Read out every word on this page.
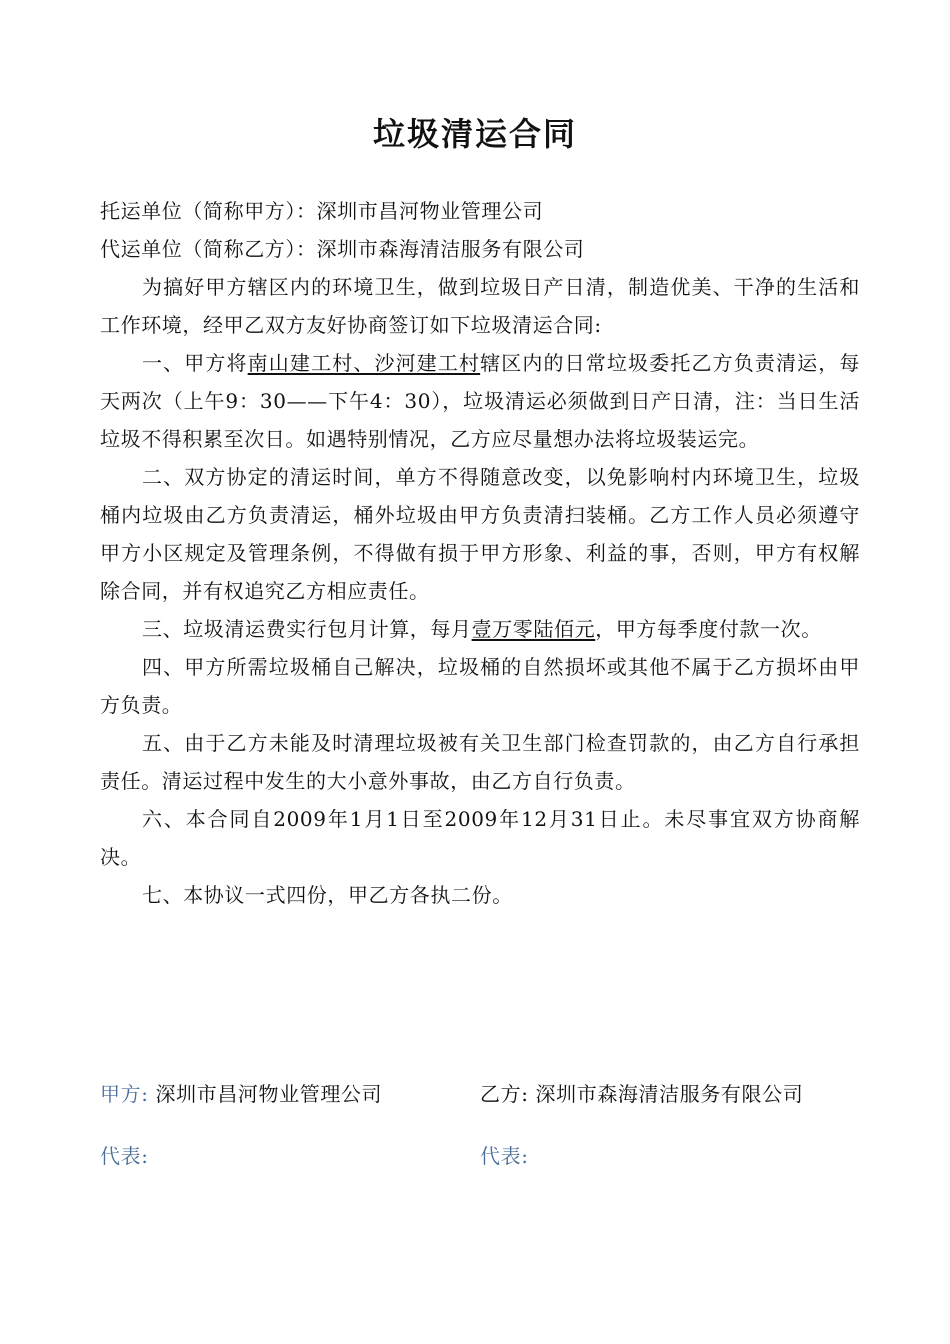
垃圾清运合同

托运单位（简称甲方）：深圳市昌河物业管理公司

代运单位（简称乙方）：深圳市森海清洁服务有限公司

为搞好甲方辖区内的环境卫生，做到垃圾日产日清，制造优美、干净的生活和工作环境，经甲乙双方友好协商签订如下垃圾清运合同:

一、甲方将南山建工村、沙河建工村辖区内的日常垃圾委托乙方负责清运，每天两次（上午9：30——下午4：30），垃圾清运必须做到日产日清，注：当日生活垃圾不得积累至次日。如遇特别情况，乙方应尽量想办法将垃圾装运完。

二、双方协定的清运时间，单方不得随意改变，以免影响村内环境卫生，垃圾桶内垃圾由乙方负责清运，桶外垃圾由甲方负责清扫装桶。乙方工作人员必须遵守甲方小区规定及管理条例，不得做有损于甲方形象、利益的事，否则，甲方有权解除合同，并有权追究乙方相应责任。

三、垃圾清运费实行包月计算，每月壹万零陆佰元，甲方每季度付款一次。

四、甲方所需垃圾桶自己解决，垃圾桶的自然损坏或其他不属于乙方损坏由甲方负责。

五、由于乙方未能及时清理垃圾被有关卫生部门检查罚款的，由乙方自行承担责任。清运过程中发生的大小意外事故，由乙方自行负责。

六、本合同自2009年1月1日至2009年12月31日止。未尽事宜双方协商解决。

七、本协议一式四份，甲乙方各执二份。

甲方: 深圳市昌河物业管理公司	乙方: 深圳市森海清洁服务有限公司
代表:	代表:
